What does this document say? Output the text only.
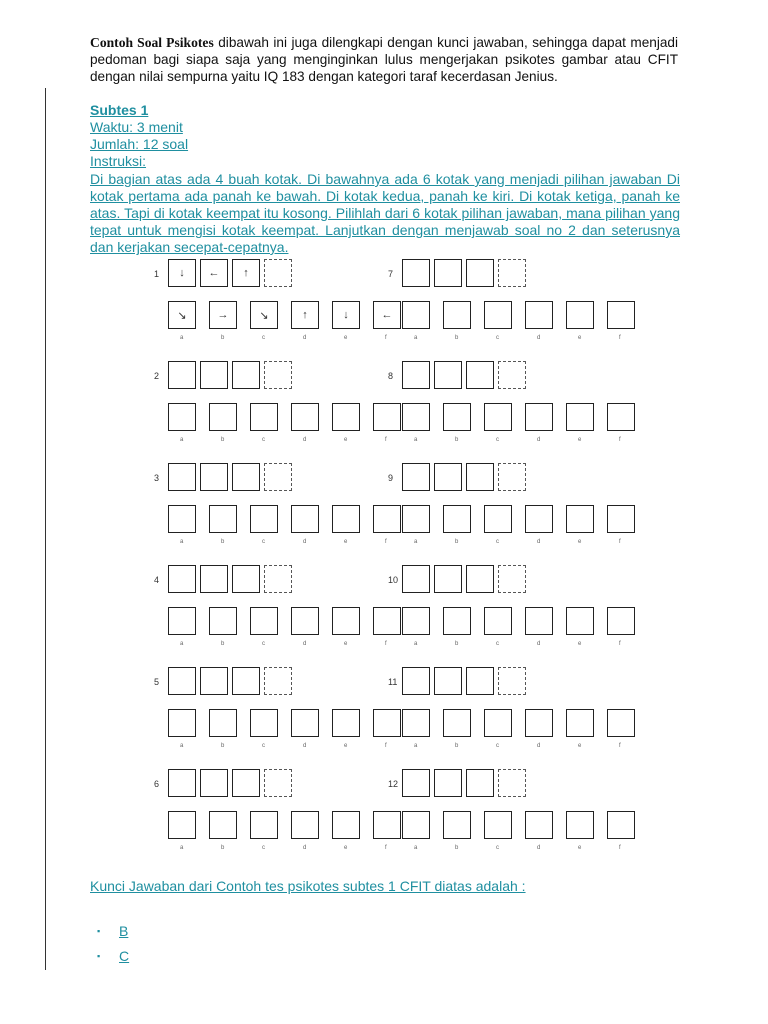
Contoh Soal Psikotes dibawah ini juga dilengkapi dengan kunci jawaban, sehingga dapat menjadi pedoman bagi siapa saja yang menginginkan lulus mengerjakan psikotes gambar atau CFIT dengan nilai sempurna yaitu IQ 183 dengan kategori taraf kecerdasan Jenius.
Subtes 1
Waktu: 3 menit
Jumlah: 12 soal
Instruksi:
Di bagian atas ada 4 buah kotak. Di bawahnya ada 6 kotak yang menjadi pilihan jawaban Di kotak pertama ada panah ke bawah. Di kotak kedua, panah ke kiri. Di kotak ketiga, panah ke atas. Tapi di kotak keempat itu kosong. Pilihlah dari 6 kotak pilihan jawaban, mana pilihan yang tepat untuk mengisi kotak keempat. Lanjutkan dengan menjawab soal no 2 dan seterusnya dan kerjakan secepat-cepatnya.
1	↓	←	↑
↘
a
→
b
↘
c
↑
d
↓
e
←
f
2
a	b	c	d	e	f
3
a	b	c	d	e	f
4
a	b	c	d	e	f
5
a	b	c	d	e	f
6
a	b	c	d	e	f
7
a	b	c	d	e	f
8
a	b	c	d	e	f
9
a	b	c	d	e	f
10
a	b	c	d	e	f
11
a	b	c	d	e	f
12
a	b	c	d	e	f
Kunci Jawaban dari Contoh tes psikotes subtes 1 CFIT diatas adalah :
▪	B
▪	C
